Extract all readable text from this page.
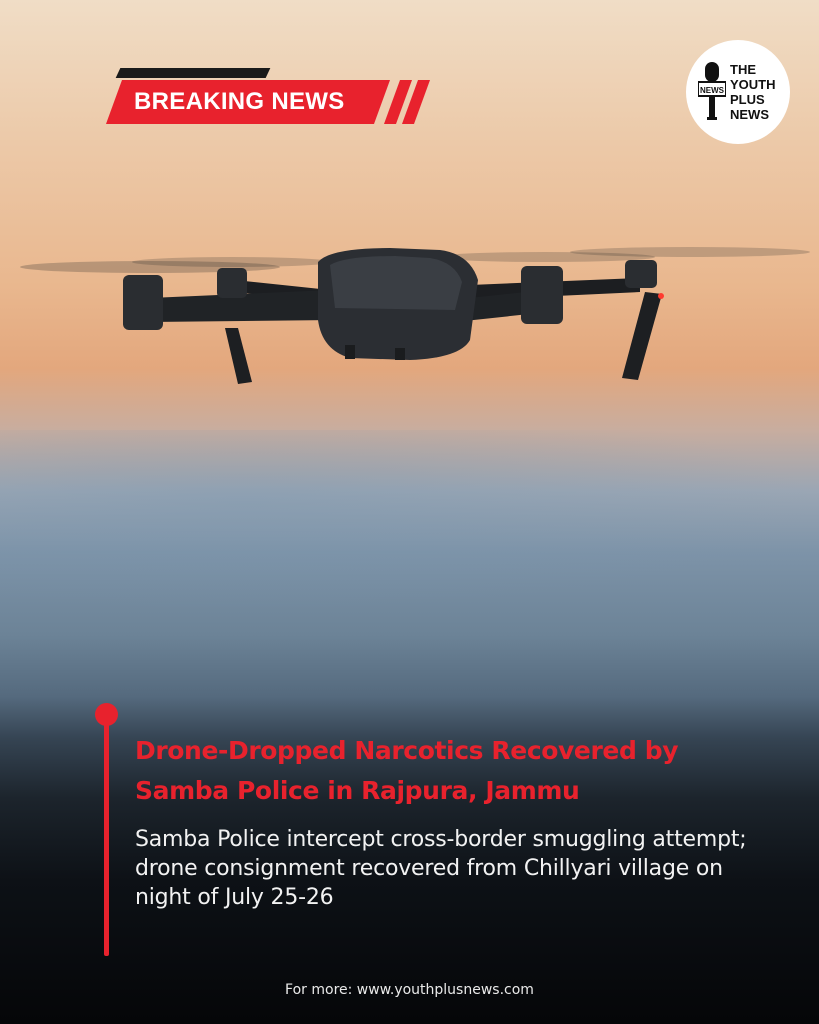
BREAKING NEWS	NEWS
THE
YOUTH
PLUS
NEWS
Drone-Dropped Narcotics Recovered by Samba Police in Rajpura, Jammu
Samba Police intercept cross-border smuggling attempt; drone consignment recovered from Chillyari village on night of July 25-26
For more: www.youthplusnews.com
